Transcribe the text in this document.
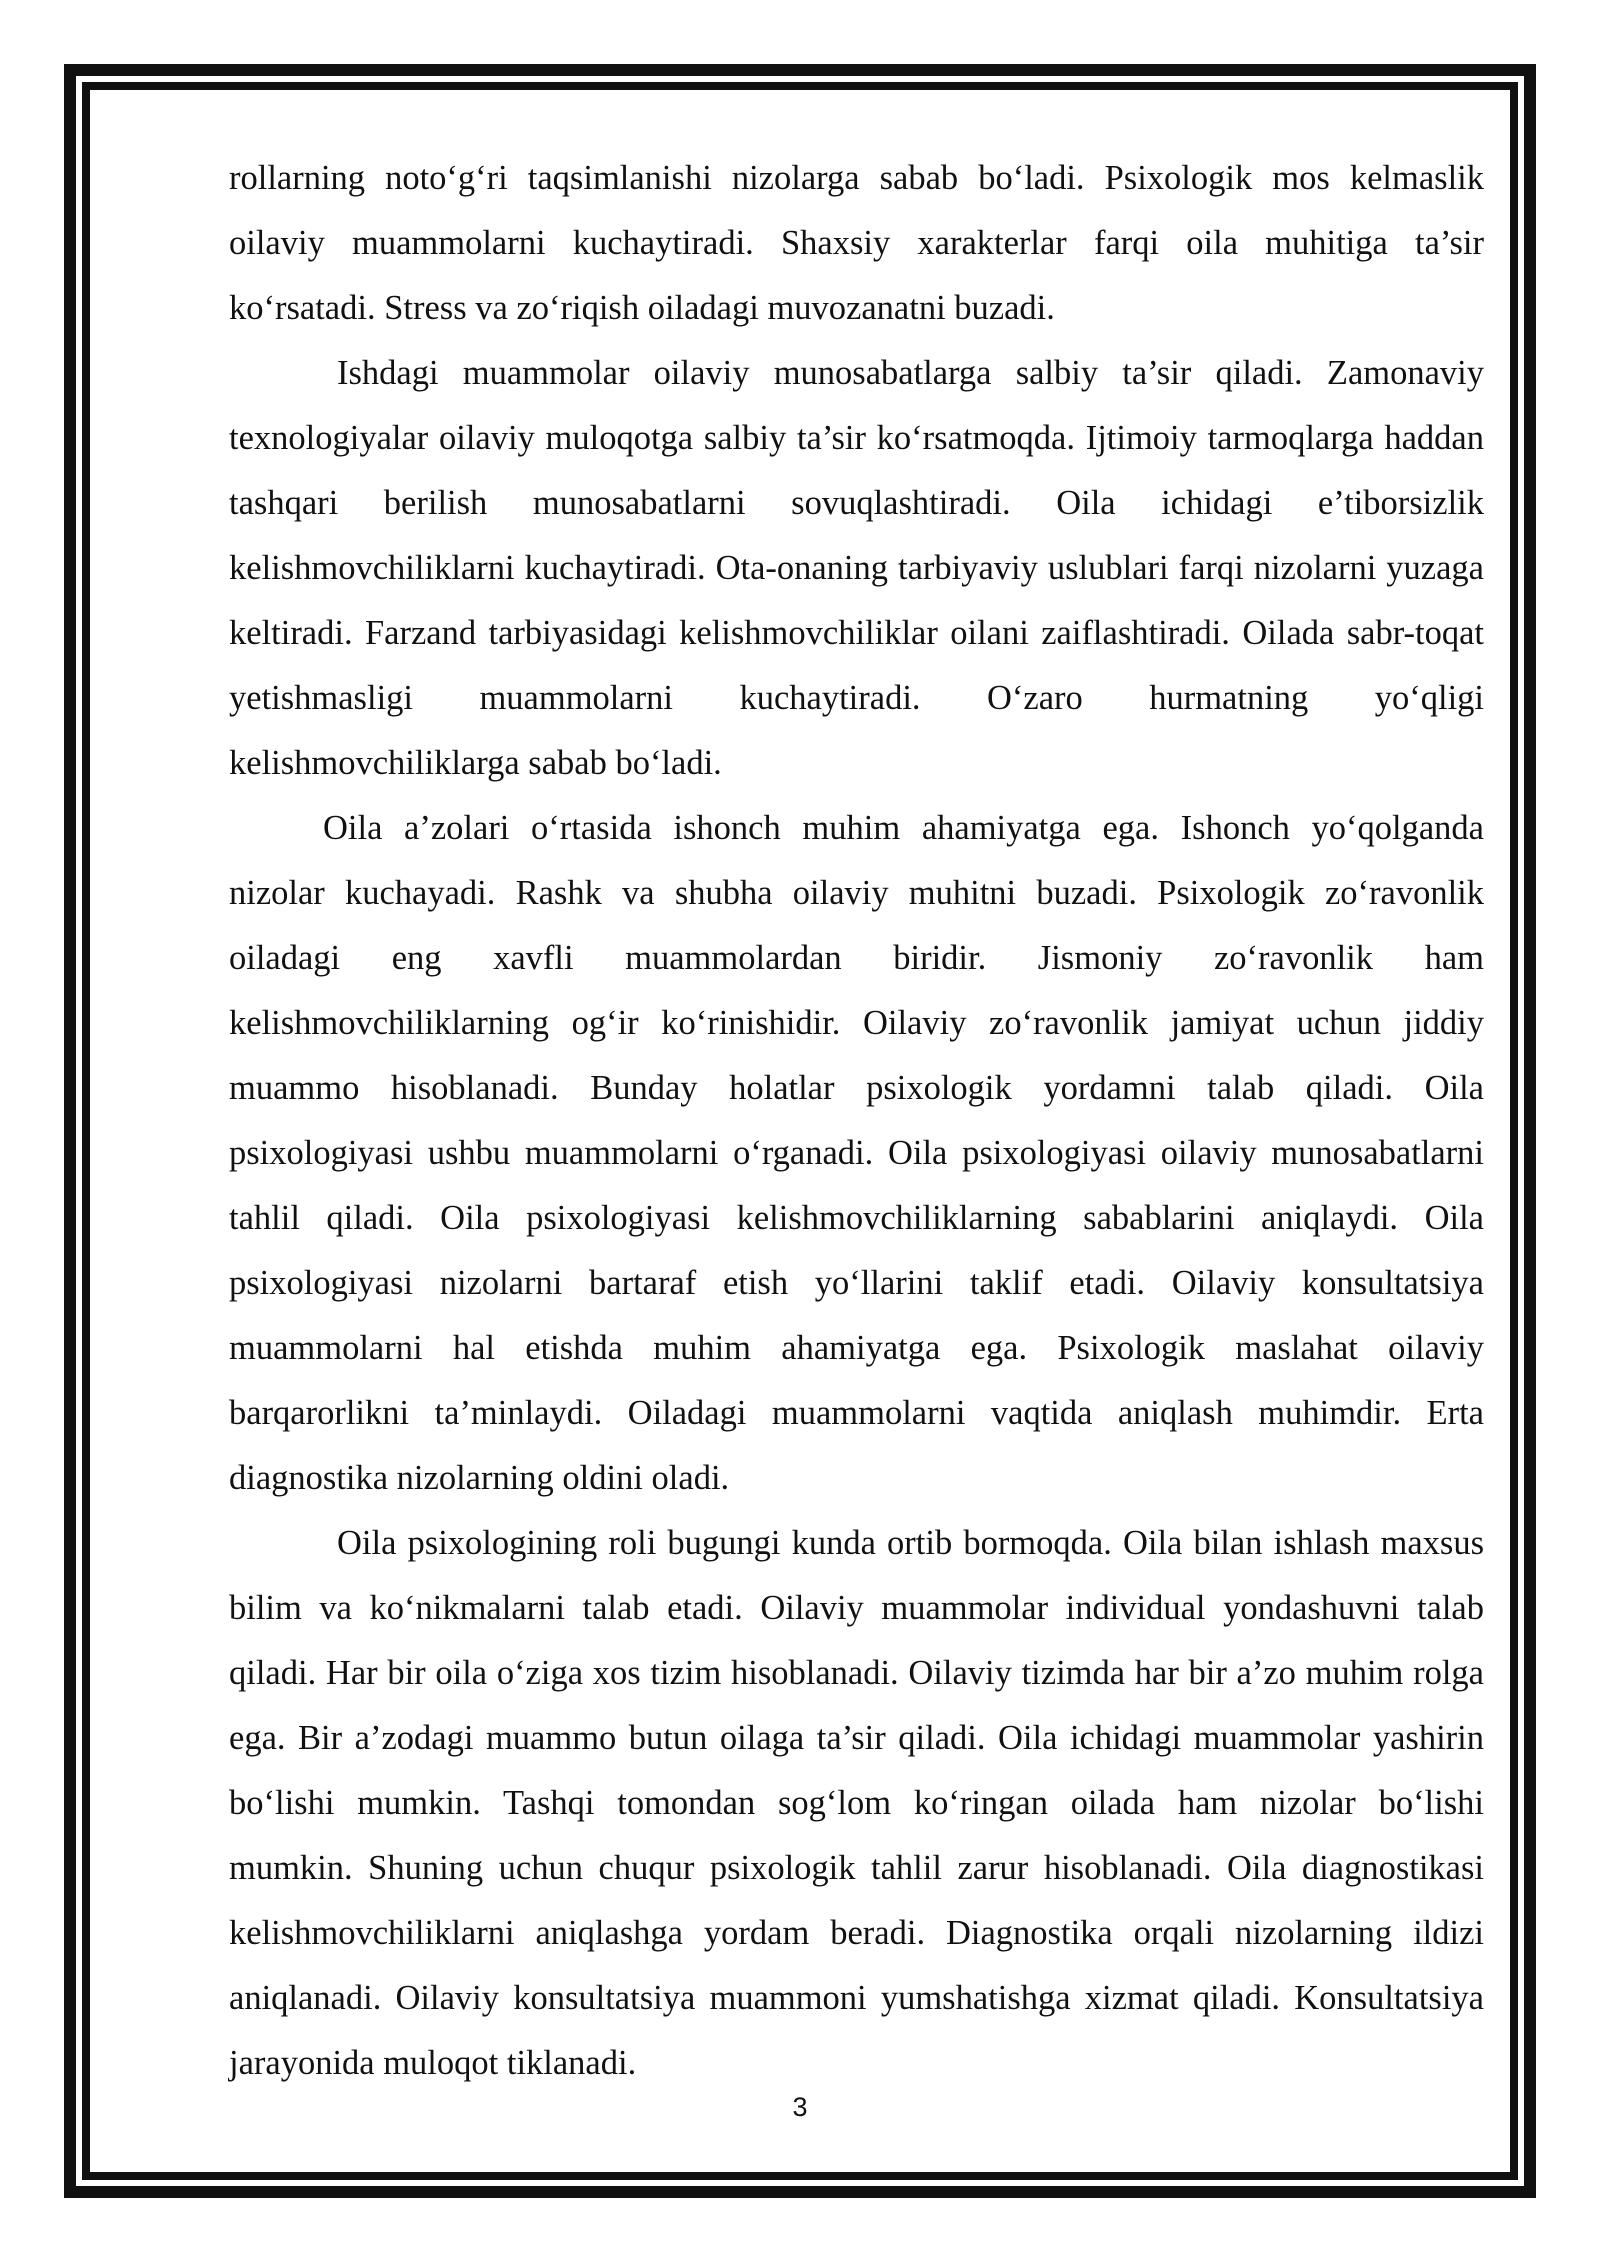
rollarning noto‘g‘ri taqsimlanishi nizolarga sabab bo‘ladi. Psixologik mos kelmaslik oilaviy muammolarni kuchaytiradi. Shaxsiy xarakterlar farqi oila muhitiga ta’sir ko‘rsatadi. Stress va zo‘riqish oiladagi muvozanatni buzadi.

Ishdagi muammolar oilaviy munosabatlarga salbiy ta’sir qiladi. Zamonaviy texnologiyalar oilaviy muloqotga salbiy ta’sir ko‘rsatmoqda. Ijtimoiy tarmoqlarga haddan tashqari berilish munosabatlarni sovuqlashtiradi. Oila ichidagi e’tiborsizlik kelishmovchiliklarni kuchaytiradi. Ota-onaning tarbiyaviy uslublari farqi nizolarni yuzaga keltiradi. Farzand tarbiyasidagi kelishmovchiliklar oilani zaiflashtiradi. Oilada sabr-toqat yetishmasligi muammolarni kuchaytiradi. O‘zaro hurmatning yo‘qligi kelishmovchiliklarga sabab bo‘ladi.

Oila a’zolari o‘rtasida ishonch muhim ahamiyatga ega. Ishonch yo‘qolganda nizolar kuchayadi. Rashk va shubha oilaviy muhitni buzadi. Psixologik zo‘ravonlik oiladagi eng xavfli muammolardan biridir. Jismoniy zo‘ravonlik ham kelishmovchiliklarning og‘ir ko‘rinishidir. Oilaviy zo‘ravonlik jamiyat uchun jiddiy muammo hisoblanadi. Bunday holatlar psixologik yordamni talab qiladi. Oila psixologiyasi ushbu muammolarni o‘rganadi. Oila psixologiyasi oilaviy munosabatlarni tahlil qiladi. Oila psixologiyasi kelishmovchiliklarning sabablarini aniqlaydi. Oila psixologiyasi nizolarni bartaraf etish yo‘llarini taklif etadi. Oilaviy konsultatsiya muammolarni hal etishda muhim ahamiyatga ega. Psixologik maslahat oilaviy barqarorlikni ta’minlaydi. Oiladagi muammolarni vaqtida aniqlash muhimdir. Erta diagnostika nizolarning oldini oladi.

Oila psixologining roli bugungi kunda ortib bormoqda. Oila bilan ishlash maxsus bilim va ko‘nikmalarni talab etadi. Oilaviy muammolar individual yondashuvni talab qiladi. Har bir oila o‘ziga xos tizim hisoblanadi. Oilaviy tizimda har bir a’zo muhim rolga ega. Bir a’zodagi muammo butun oilaga ta’sir qiladi. Oila ichidagi muammolar yashirin bo‘lishi mumkin. Tashqi tomondan sog‘lom ko‘ringan oilada ham nizolar bo‘lishi mumkin. Shuning uchun chuqur psixologik tahlil zarur hisoblanadi. Oila diagnostikasi kelishmovchiliklarni aniqlashga yordam beradi. Diagnostika orqali nizolarning ildizi aniqlanadi. Oilaviy konsultatsiya muammoni yumshatishga xizmat qiladi. Konsultatsiya jarayonida muloqot tiklanadi.

3
